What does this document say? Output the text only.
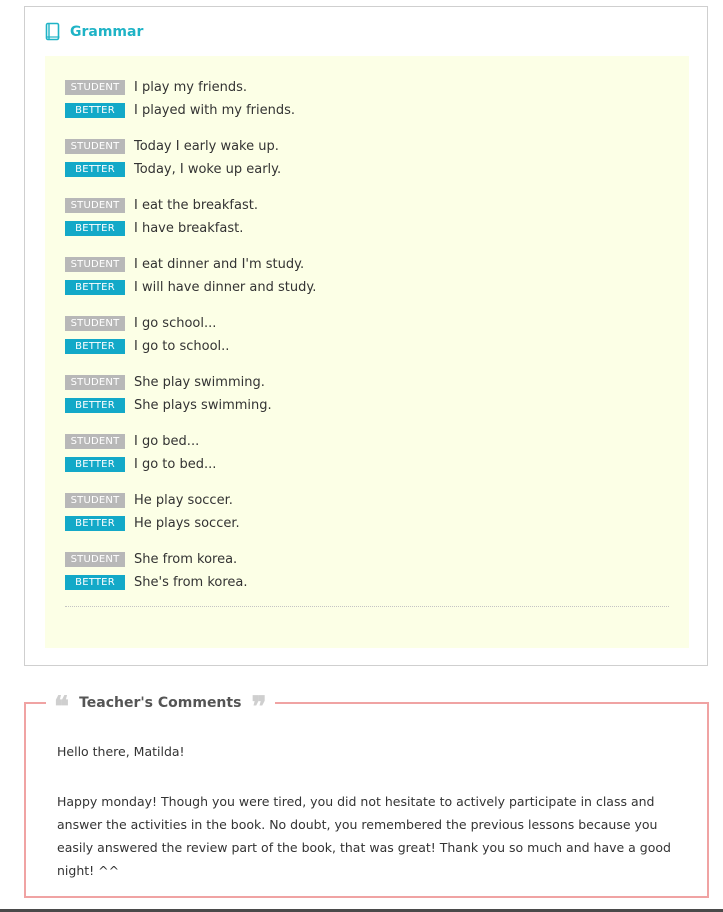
Grammar
STUDENT	I play my friends.
BETTER	I played with my friends.
STUDENT	Today I early wake up.
BETTER	Today, I woke up early.
STUDENT	I eat the breakfast.
BETTER	I have breakfast.
STUDENT	I eat dinner and I'm study.
BETTER	I will have dinner and study.
STUDENT	I go school...
BETTER	I go to school..
STUDENT	She play swimming.
BETTER	She plays swimming.
STUDENT	I go bed...
BETTER	I go to bed...
STUDENT	He play soccer.
BETTER	He plays soccer.
STUDENT	She from korea.
BETTER	She's from korea.
❝ Teacher's Comments ❞
Hello there, Matilda!
Happy monday! Though you were tired, you did not hesitate to actively participate in class and answer the activities in the book. No doubt, you remembered the previous lessons because you easily answered the review part of the book, that was great! Thank you so much and have a good night! ^^
